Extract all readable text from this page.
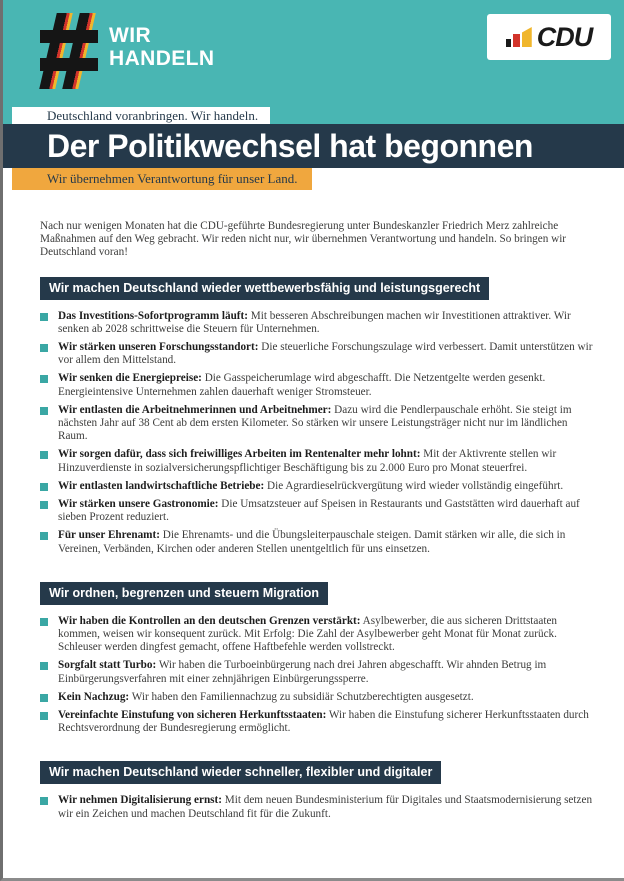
WIR
HANDELN
CDU
Deutschland voranbringen. Wir handeln.
Der Politikwechsel hat begonnen
Wir übernehmen Verantwortung für unser Land.

Nach nur wenigen Monaten hat die CDU-geführte Bundesregierung unter Bundeskanzler Friedrich Merz zahlreiche Maßnahmen auf den Weg gebracht. Wir reden nicht nur, wir übernehmen Verantwortung und handeln. So bringen wir Deutschland voran!

Wir machen Deutschland wieder wettbewerbsfähig und leistungsgerecht

Das Investitions-Sofortprogramm läuft: Mit besseren Abschreibungen machen wir Investitionen attraktiver. Wir senken ab 2028 schrittweise die Steuern für Unternehmen.

Wir stärken unseren Forschungsstandort: Die steuerliche Forschungszulage wird verbessert. Damit unterstützen wir vor allem den Mittelstand.

Wir senken die Energiepreise: Die Gasspeicherumlage wird abgeschafft. Die Netzentgelte werden gesenkt. Energieintensive Unternehmen zahlen dauerhaft weniger Stromsteuer.

Wir entlasten die Arbeitnehmerinnen und Arbeitnehmer: Dazu wird die Pendlerpauschale erhöht. Sie steigt im nächsten Jahr auf 38 Cent ab dem ersten Kilometer. So stärken wir unsere Leistungsträger nicht nur im ländlichen Raum.

Wir sorgen dafür, dass sich freiwilliges Arbeiten im Rentenalter mehr lohnt: Mit der Aktivrente stellen wir Hinzuverdienste in sozialversicherungspflichtiger Beschäftigung bis zu 2.000 Euro pro Monat steuerfrei.

Wir entlasten landwirtschaftliche Betriebe: Die Agrardieselrückvergütung wird wieder vollständig eingeführt.

Wir stärken unsere Gastronomie: Die Umsatzsteuer auf Speisen in Restaurants und Gaststätten wird dauerhaft auf sieben Prozent reduziert.

Für unser Ehrenamt: Die Ehrenamts- und die Übungsleiterpauschale steigen. Damit stärken wir alle, die sich in Vereinen, Verbänden, Kirchen oder anderen Stellen unentgeltlich für uns einsetzen.

Wir ordnen, begrenzen und steuern Migration

Wir haben die Kontrollen an den deutschen Grenzen verstärkt: Asylbewerber, die aus sicheren Drittstaaten kommen, weisen wir konsequent zurück. Mit Erfolg: Die Zahl der Asylbewerber geht Monat für Monat zurück. Schleuser werden dingfest gemacht, offene Haftbefehle werden vollstreckt.

Sorgfalt statt Turbo: Wir haben die Turboeinbürgerung nach drei Jahren abgeschafft. Wir ahnden Betrug im Einbürgerungsverfahren mit einer zehnjährigen Einbürgerungssperre.

Kein Nachzug: Wir haben den Familiennachzug zu subsidiär Schutzberechtigten ausgesetzt.

Vereinfachte Einstufung von sicheren Herkunftsstaaten: Wir haben die Einstufung sicherer Herkunftsstaaten durch Rechtsverordnung der Bundesregierung ermöglicht.

Wir machen Deutschland wieder schneller, flexibler und digitaler

Wir nehmen Digitalisierung ernst: Mit dem neuen Bundesministerium für Digitales und Staatsmodernisierung setzen wir ein Zeichen und machen Deutschland fit für die Zukunft.
